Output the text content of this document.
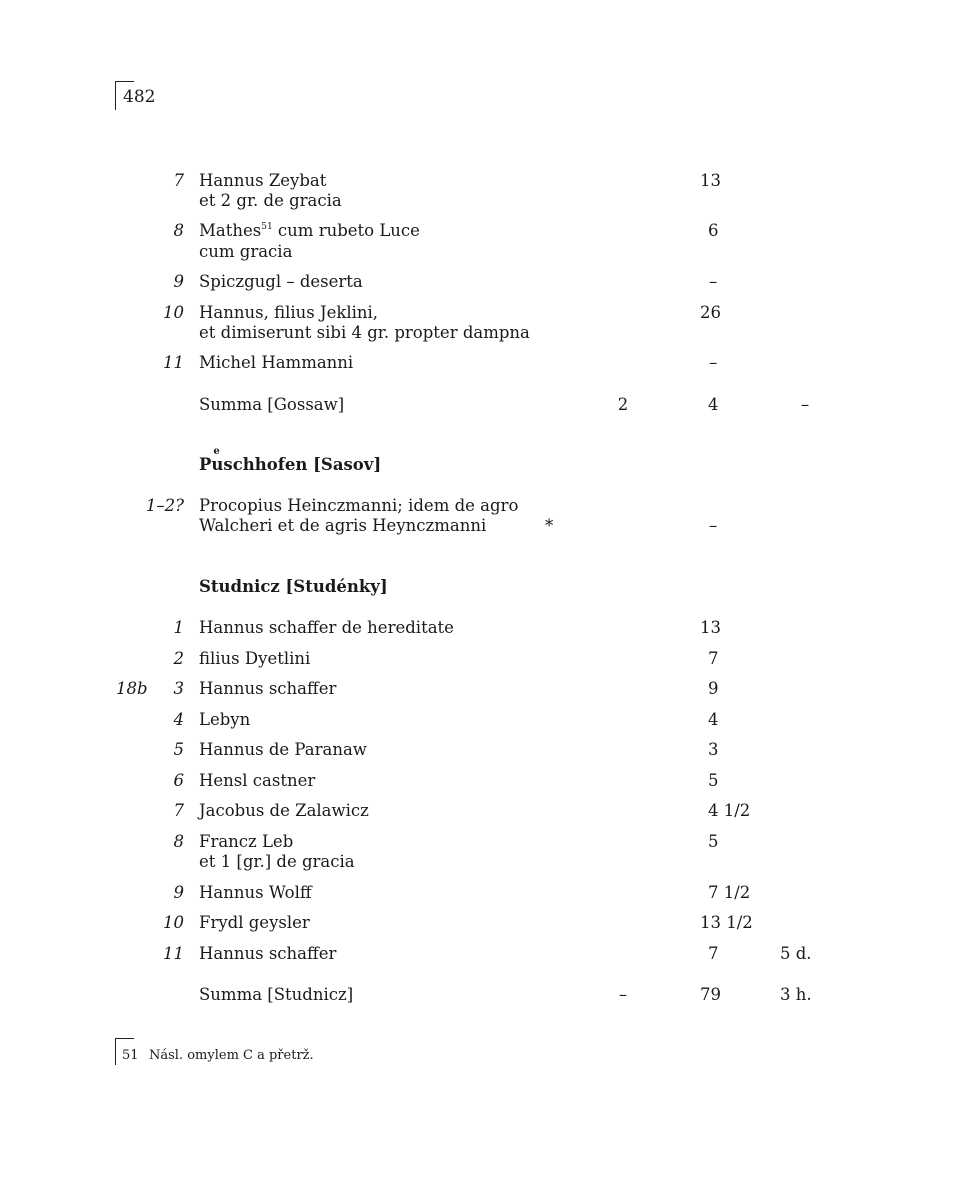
482
7 Hannus Zeybat	13
et 2 gr. de gracia
8 Mathes$^{51}$ cum rubeto Luce	6
cum gracia
9 Spiczgugl – deserta	–
10 Hannus, filius Jeklini,	26
et dimiserunt sibi 4 gr. propter dampna
11 Michel Hammanni	–
Summa [Gossaw]	2	4	–
Pu eschhofen [Sasov]
1–2? Procopius Heinczmanni; idem de agro
Walcheri et de agris Heynczmanni	*	–
Studnicz [Studénky]
1 Hannus schaffer de hereditate	13
2 filius Dyetlini	7
18b 3 Hannus schaffer	9
4 Lebyn	4
5 Hannus de Paranaw	3
6 Hensl castner	5
7 Jacobus de Zalawicz	4 1/2
8 Francz Leb	5
et 1 [gr.] de gracia
9 Hannus Wolff	7 1/2
10 Frydl geysler	13 1/2
11 Hannus schaffer	7	5 d.
Summa [Studnicz]	–	79	3 h.
51 Násl. omylem C a přetrž.
